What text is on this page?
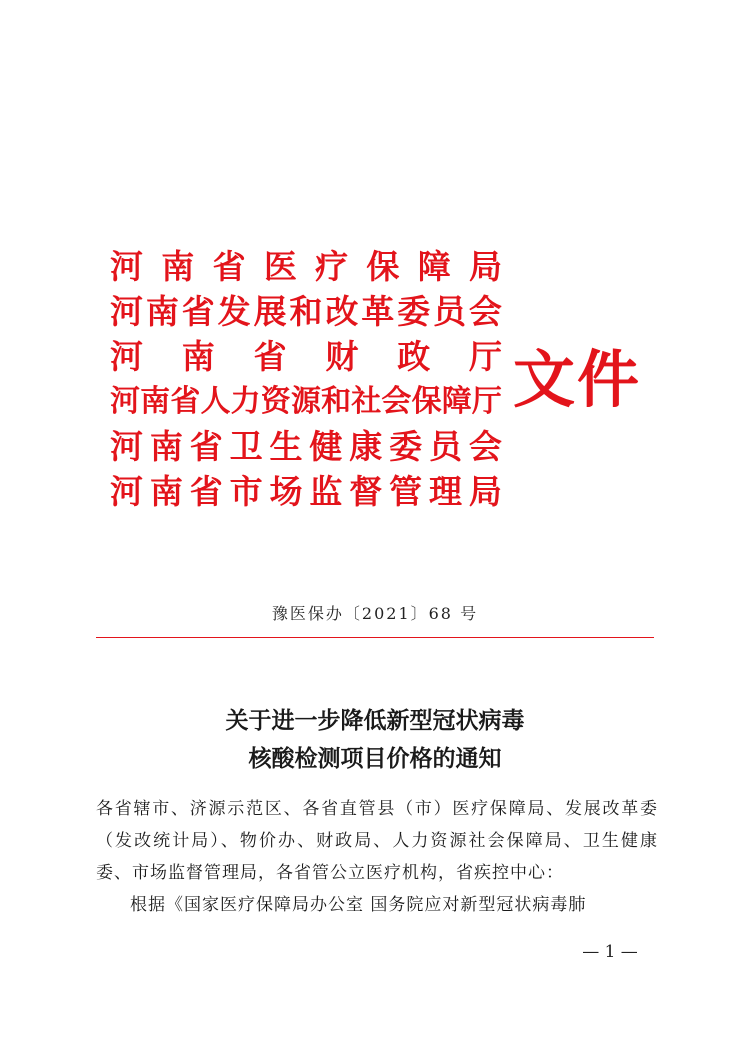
河 南 省 医 疗 保 障 局
河 南 省 发 展 和 改 革 委 员 会
河 南 省 财 政 厅
河 南 省 人 力 资 源 和 社 会 保 障 厅
河 南 省 卫 生 健 康 委 员 会
河 南 省 市 场 监 督 管 理 局
文件
豫医保办〔2021〕68 号
关于进一步降低新型冠状病毒
核酸检测项目价格的通知

各省辖市、济源示范区、各省直管县（市）医疗保障局、发展改革委（发改统计局）、物价办、财政局、人力资源社会保障局、卫生健康委、市场监督管理局，各省管公立医疗机构，省疾控中心：

根据《国家医疗保障局办公室 国务院应对新型冠状病毒肺

— 1 —
